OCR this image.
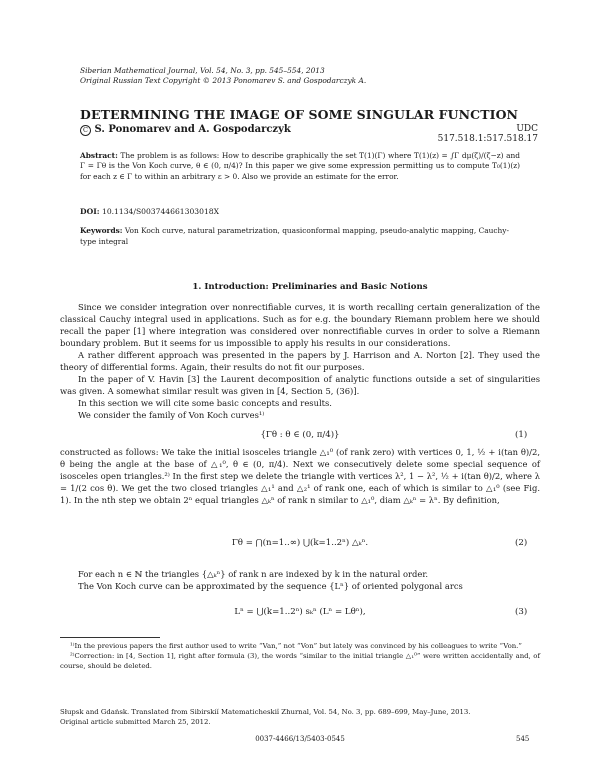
Siberian Mathematical Journal, Vol. 54, No. 3, pp. 545–554, 2013
Original Russian Text Copyright © 2013 Ponomarev S. and Gospodarczyk A.
DETERMINING THE IMAGE OF SOME SINGULAR FUNCTION
C S. Ponomarev and A. Gospodarczyk	UDC 517.518.1:517.518.17
Abstract: The problem is as follows: How to describe graphically the set T(1)(Γ) where T(1)(z) = ∫Γ dμ(ζ)/(ζ−z) and Γ = Γθ is the Von Koch curve, θ ∈ (0, π/4)? In this paper we give some expression permitting us to compute T₀(1)(z) for each z ∈ Γ to within an arbitrary ε > 0. Also we provide an estimate for the error.
DOI: 10.1134/S003744661303018X
Keywords: Von Koch curve, natural parametrization, quasiconformal mapping, pseudo-analytic mapping, Cauchy-type integral
1. Introduction: Preliminaries and Basic Notions

Since we consider integration over nonrectifiable curves, it is worth recalling certain generalization of the classical Cauchy integral used in applications. Such as for e.g. the boundary Riemann problem here we should recall the paper [1] where integration was considered over nonrectifiable curves in order to solve a Riemann boundary problem. But it seems for us impossible to apply his results in our considerations.

A rather different approach was presented in the papers by J. Harrison and A. Norton [2]. They used the theory of differential forms. Again, their results do not fit our purposes.

In the paper of V. Havin [3] the Laurent decomposition of analytic functions outside a set of singularities was given. A somewhat similar result was given in [4, Section 5, (36)].

In this section we will cite some basic concepts and results.

We consider the family of Von Koch curves¹⁾

{Γθ : θ ∈ (0, π/4)}	(1)

constructed as follows: We take the initial isosceles triangle △₁⁰ (of rank zero) with vertices 0, 1, ½ + i(tan θ)/2, θ being the angle at the base of △₁⁰, θ ∈ (0, π/4). Next we consecutively delete some special sequence of isosceles open triangles.²⁾ In the first step we delete the triangle with vertices λ², 1 − λ², ½ + i(tan θ)/2, where λ = 1/(2 cos θ). We get the two closed triangles △₁¹ and △₂¹ of rank one, each of which is similar to △₁⁰ (see Fig. 1). In the nth step we obtain 2ⁿ equal triangles △ₖⁿ of rank n similar to △₁⁰, diam △ₖⁿ = λⁿ. By definition,

Γθ = ⋂(n=1..∞) ⋃(k=1..2ⁿ) △ₖⁿ.	(2)

For each n ∈ ℕ the triangles {△ₖⁿ} of rank n are indexed by k in the natural order.

The Von Koch curve can be approximated by the sequence {Lⁿ} of oriented polygonal arcs

Lⁿ = ⋃(k=1..2ⁿ) sₖⁿ (Lⁿ = Lθⁿ),	(3)

¹⁾In the previous papers the first author used to write “Van,” not “Von” but lately was convinced by his colleagues to write “Von.”

²⁾Correction: in [4, Section 1], right after formula (3), the words “similar to the initial triangle △₁⁰” were written accidentally and, of course, should be deleted.

Słupsk and Gdańsk. Translated from Sibirskiĭ Matematicheskiĭ Zhurnal, Vol. 54, No. 3, pp. 689–699, May–June, 2013.
Original article submitted March 25, 2012.
0037-4466/13/5403-0545	545
